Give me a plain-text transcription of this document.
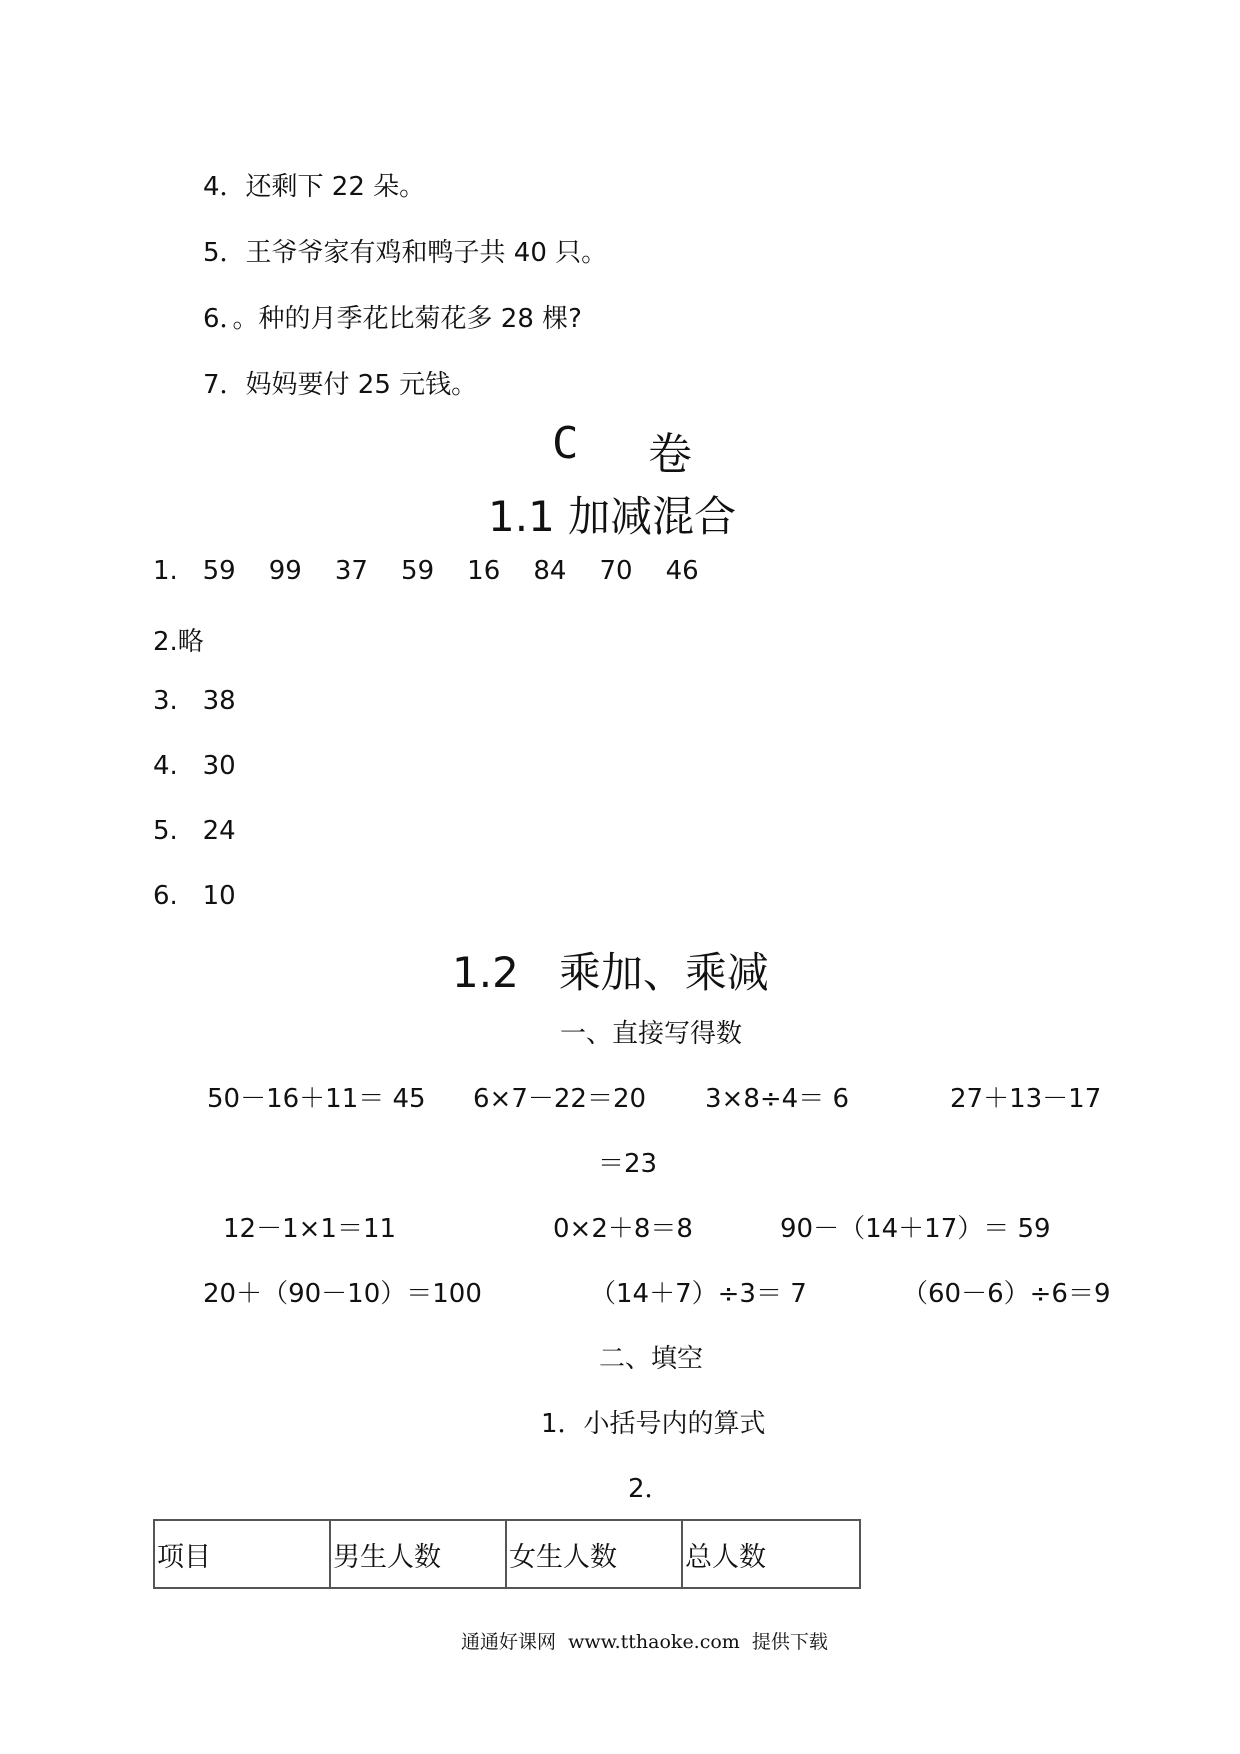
4．还剩下 22 朵。
5．王爷爷家有鸡和鸭子共 40 只。
6．。种的月季花比菊花多 28 棵?
7．妈妈要付 25 元钱。
C 卷
1.1 加减混合
1.   59    99    37    59    16    84    70    46
2.略
3.   38
4.   30
5.   24
6.   10
1.2   乘加、乘减
一、直接写得数
50－16＋11＝ 45 6×7－22＝20 3×8÷4＝ 6	27＋13－17
＝23
12－1×1＝11	0×2＋8＝8	90－（14＋17）＝ 59
20＋（90－10）＝100	（14＋7）÷3＝ 7	（60－6）÷6＝9
二、填空
1．小括号内的算式
2．
项目	男生人数	女生人数	总人数
通通好课网  www.tthaoke.com  提供下载
